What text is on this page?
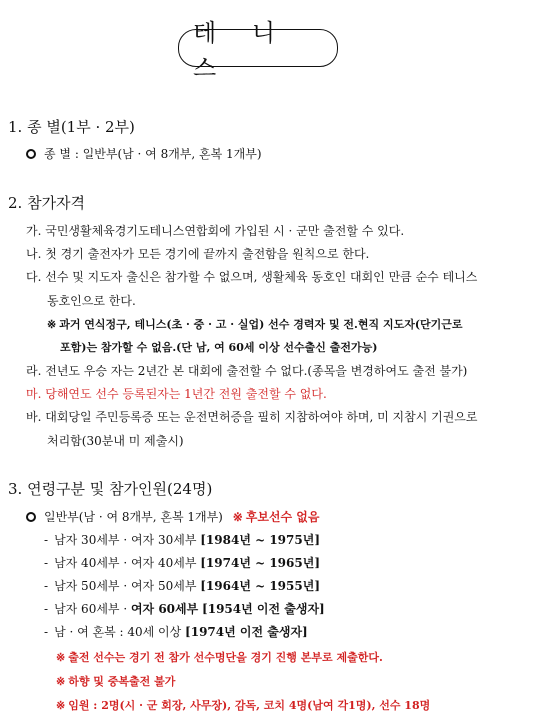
테 니 스
1. 종 별(1부 · 2부)
종 별 : 일반부(남 · 여 8개부, 혼복 1개부)
2. 참가자격
가. 국민생활체육경기도테니스연합회에 가입된 시 · 군만 출전할 수 있다.
나. 첫 경기 출전자가 모든 경기에 끝까지 출전함을 원칙으로 한다.
다. 선수 및 지도자 출신은 참가할 수 없으며, 생활체육 동호인 대회인 만큼 순수 테니스
동호인으로 한다.
※ 과거 연식정구, 테니스(초 · 중 · 고 · 실업) 선수 경력자 및 전.현직 지도자(단기근로
포함)는 참가할 수 없음.(단 남, 여 60세 이상 선수출신 출전가능)
라. 전년도 우승 자는 2년간 본 대회에 출전할 수 없다.(종목을 변경하여도 출전 불가)
마. 당해연도 선수 등록된자는 1년간 전원 출전할 수 없다.
바. 대회당일 주민등록증 또는 운전면허증을 필히 지참하여야 하며, 미 지참시 기권으로
처리함(30분내 미 제출시)
3. 연령구분 및 참가인원(24명)
일반부(남 · 여 8개부, 혼복 1개부) ※ 후보선수 없음
- 남자 30세부 · 여자 30세부 [1984년 ~ 1975년]
- 남자 40세부 · 여자 40세부 [1974년 ~ 1965년]
- 남자 50세부 · 여자 50세부 [1964년 ~ 1955년]
- 남자 60세부 · 여자 60세부 [1954년 이전 출생자]
- 남 · 여 혼복 : 40세 이상 [1974년 이전 출생자]
※ 출전 선수는 경기 전 참가 선수명단을 경기 진행 본부로 제출한다.
※ 하향 및 중복출전 불가
※ 임원 : 2명(시 · 군 회장, 사무장), 감독, 코치 4명(남여 각1명), 선수 18명
